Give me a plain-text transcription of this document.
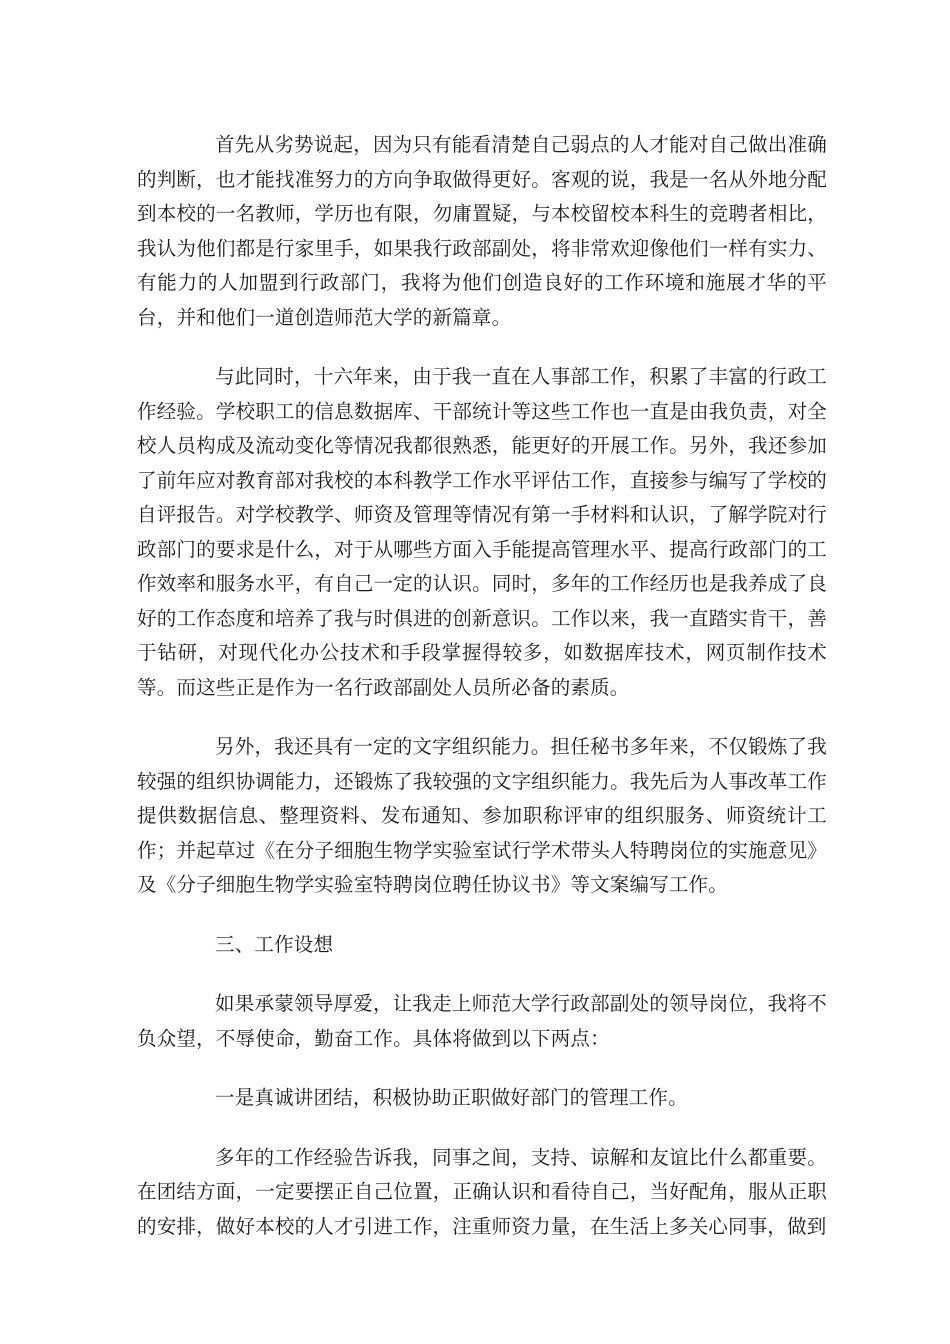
首先从劣势说起，因为只有能看清楚自己弱点的人才能对自己做出准确的判断，也才能找准努力的方向争取做得更好。客观的说，我是一名从外地分配到本校的一名教师，学历也有限，勿庸置疑，与本校留校本科生的竞聘者相比，我认为他们都是行家里手，如果我行政部副处，将非常欢迎像他们一样有实力、有能力的人加盟到行政部门，我将为他们创造良好的工作环境和施展才华的平台，并和他们一道创造师范大学的新篇章。

与此同时，十六年来，由于我一直在人事部工作，积累了丰富的行政工作经验。学校职工的信息数据库、干部统计等这些工作也一直是由我负责，对全校人员构成及流动变化等情况我都很熟悉，能更好的开展工作。另外，我还参加了前年应对教育部对我校的本科教学工作水平评估工作，直接参与编写了学校的自评报告。对学校教学、师资及管理等情况有第一手材料和认识，了解学院对行政部门的要求是什么，对于从哪些方面入手能提高管理水平、提高行政部门的工作效率和服务水平，有自己一定的认识。同时，多年的工作经历也是我养成了良好的工作态度和培养了我与时俱进的创新意识。工作以来，我一直踏实肯干，善于钻研，对现代化办公技术和手段掌握得较多，如数据库技术，网页制作技术等。而这些正是作为一名行政部副处人员所必备的素质。

另外，我还具有一定的文字组织能力。担任秘书多年来，不仅锻炼了我较强的组织协调能力，还锻炼了我较强的文字组织能力。我先后为人事改革工作提供数据信息、整理资料、发布通知、参加职称评审的组织服务、师资统计工作；并起草过《在分子细胞生物学实验室试行学术带头人特聘岗位的实施意见》及《分子细胞生物学实验室特聘岗位聘任协议书》等文案编写工作。

三、工作设想

如果承蒙领导厚爱，让我走上师范大学行政部副处的领导岗位，我将不负众望，不辱使命，勤奋工作。具体将做到以下两点：

一是真诚讲团结，积极协助正职做好部门的管理工作。

多年的工作经验告诉我，同事之间，支持、谅解和友谊比什么都重要。在团结方面，一定要摆正自己位置，正确认识和看待自己，当好配角，服从正职的安排，做好本校的人才引进工作，注重师资力量，在生活上多关心同事，做到
